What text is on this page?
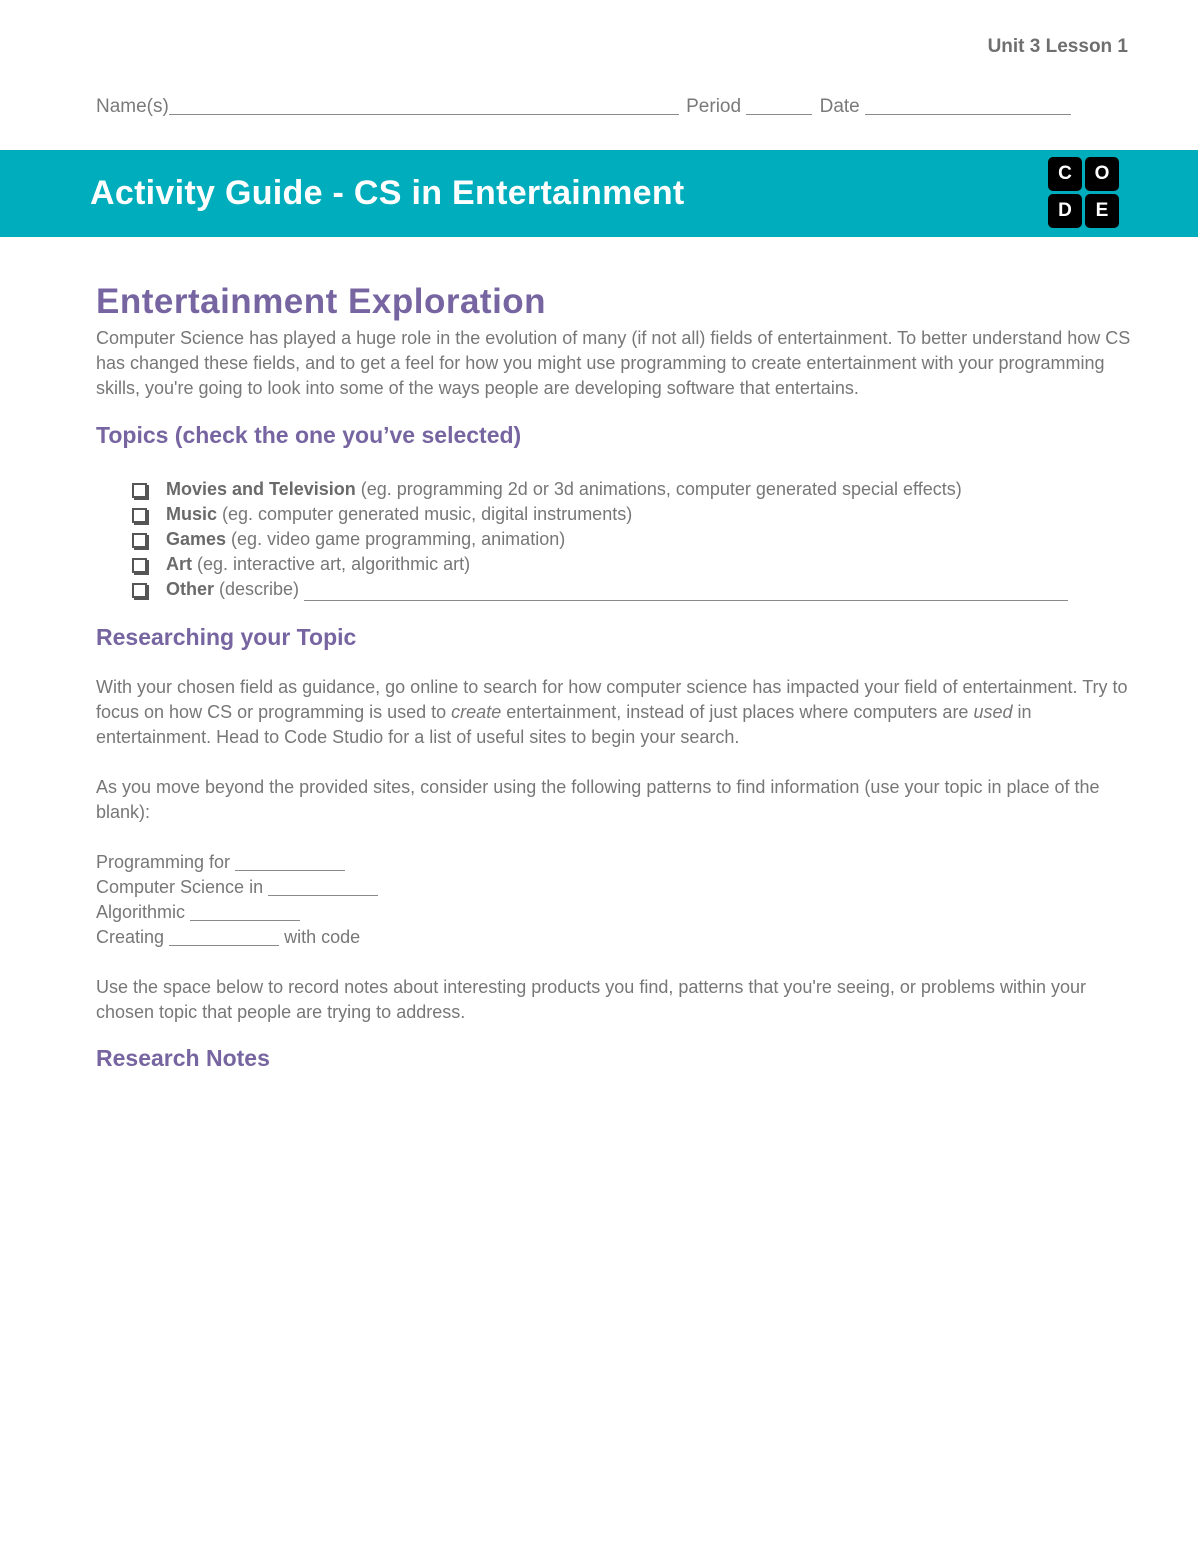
Unit 3 Lesson 1
Name(s)	Period	Date
Activity Guide - CS in Entertainment
C	O
D	E
Entertainment Exploration

Computer Science has played a huge role in the evolution of many (if not all) fields of entertainment. To better understand how CS has changed these fields, and to get a feel for how you might use programming to create entertainment with your programming skills, you're going to look into some of the ways people are developing software that entertains.

Topics (check the one you’ve selected)
Movies and Television (eg. programming 2d or 3d animations, computer generated special effects)
Music (eg. computer generated music, digital instruments)
Games (eg. video game programming, animation)
Art (eg. interactive art, algorithmic art)
Other (describe)
Researching your Topic

With your chosen field as guidance, go online to search for how computer science has impacted your field of entertainment. Try to focus on how CS or programming is used to create entertainment, instead of just places where computers are used in entertainment. Head to Code Studio for a list of useful sites to begin your search.

As you move beyond the provided sites, consider using the following patterns to find information (use your topic in place of the blank):

Programming for
Computer Science in
Algorithmic
Creating	with code

Use the space below to record notes about interesting products you find, patterns that you're seeing, or problems within your chosen topic that people are trying to address.

Research Notes
